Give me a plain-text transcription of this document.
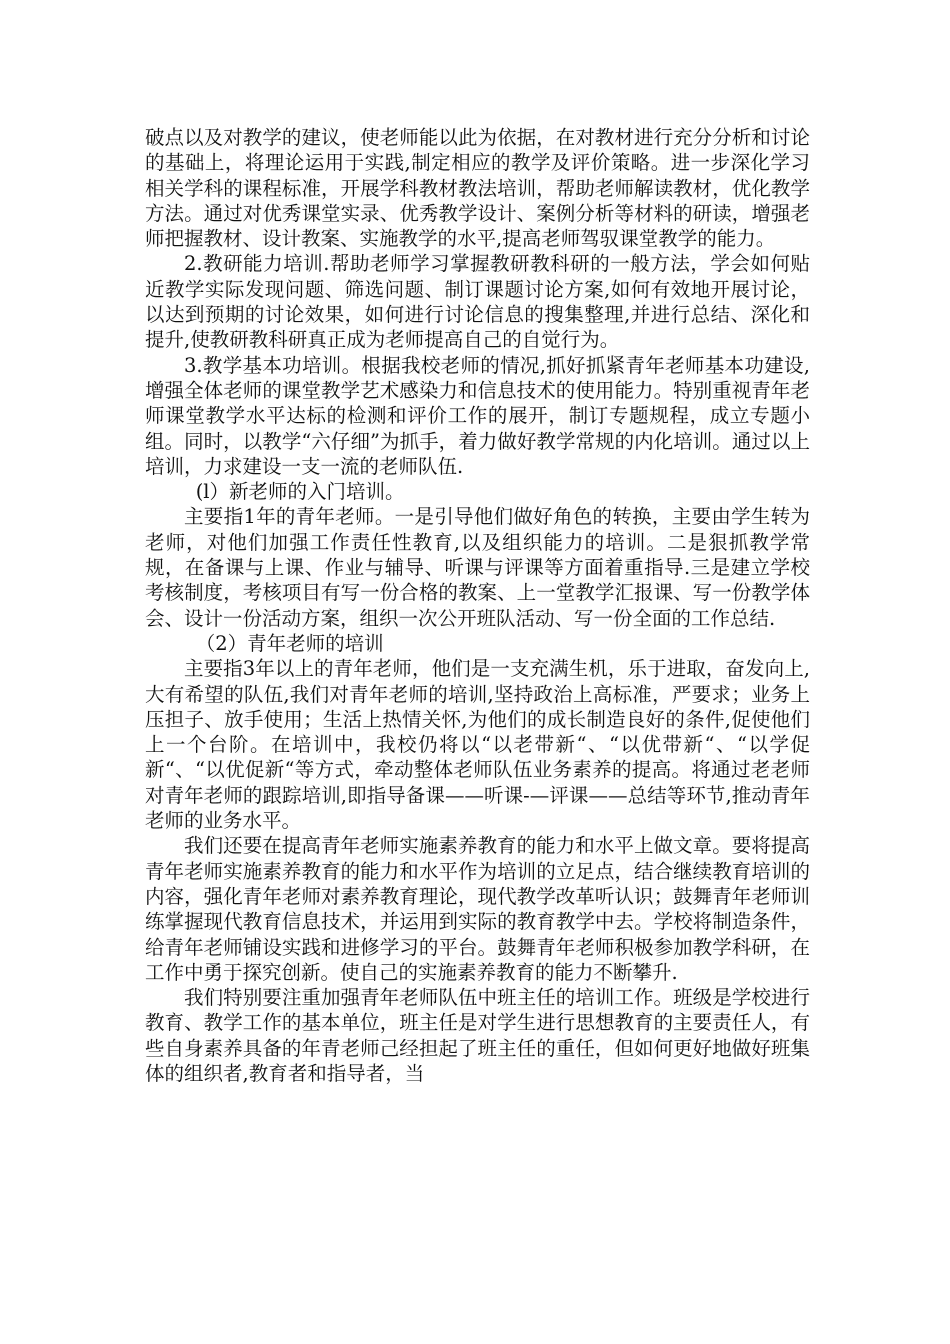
破点以及对教学的建议，使老师能以此为依据，在对教材进行充分分析和讨论的基础上，将理论运用于实践,制定相应的教学及评价策略。进一步深化学习相关学科的课程标准，开展学科教材教法培训，帮助老师解读教材，优化教学方法。通过对优秀课堂实录、优秀教学设计、案例分析等材料的研读，增强老师把握教材、设计教案、实施教学的水平,提高老师驾驭课堂教学的能力。

2.教研能力培训.帮助老师学习掌握教研教科研的一般方法，学会如何贴近教学实际发现问题、筛选问题、制订课题讨论方案,如何有效地开展讨论，以达到预期的讨论效果，如何进行讨论信息的搜集整理,并进行总结、深化和提升,使教研教科研真正成为老师提高自己的自觉行为。

3.教学基本功培训。根据我校老师的情况,抓好抓紧青年老师基本功建设,增强全体老师的课堂教学艺术感染力和信息技术的使用能力。特别重视青年老师课堂教学水平达标的检测和评价工作的展开，制订专题规程，成立专题小组。同时，以教学“六仔细”为抓手，着力做好教学常规的内化培训。通过以上培训，力求建设一支一流的老师队伍.

(l）新老师的入门培训。

主要指1年的青年老师。一是引导他们做好角色的转换，主要由学生转为老师，对他们加强工作责任性教育,以及组织能力的培训。二是狠抓教学常规，在备课与上课、作业与辅导、听课与评课等方面着重指导.三是建立学校考核制度，考核项目有写一份合格的教案、上一堂教学汇报课、写一份教学体会、设计一份活动方案，组织一次公开班队活动、写一份全面的工作总结.

（2）青年老师的培训

主要指3年以上的青年老师，他们是一支充满生机，乐于进取，奋发向上,大有希望的队伍,我们对青年老师的培训,坚持政治上高标准，严要求；业务上压担子、放手使用；生活上热情关怀,为他们的成长制造良好的条件,促使他们上一个台阶。在培训中，我校仍将以“以老带新“、“以优带新“、“以学促新“、“以优促新“等方式，牵动整体老师队伍业务素养的提高。将通过老老师对青年老师的跟踪培训,即指导备课——听课-—评课——总结等环节,推动青年老师的业务水平。

我们还要在提高青年老师实施素养教育的能力和水平上做文章。要将提高青年老师实施素养教育的能力和水平作为培训的立足点，结合继续教育培训的内容，强化青年老师对素养教育理论，现代教学改革听认识；鼓舞青年老师训练掌握现代教育信息技术，并运用到实际的教育教学中去。学校将制造条件，给青年老师铺设实践和进修学习的平台。鼓舞青年老师积极参加教学科研，在工作中勇于探究创新。使自己的实施素养教育的能力不断攀升.

我们特别要注重加强青年老师队伍中班主任的培训工作。班级是学校进行教育、教学工作的基本单位，班主任是对学生进行思想教育的主要责任人，有些自身素养具备的年青老师己经担起了班主任的重任，但如何更好地做好班集体的组织者,教育者和指导者，当
